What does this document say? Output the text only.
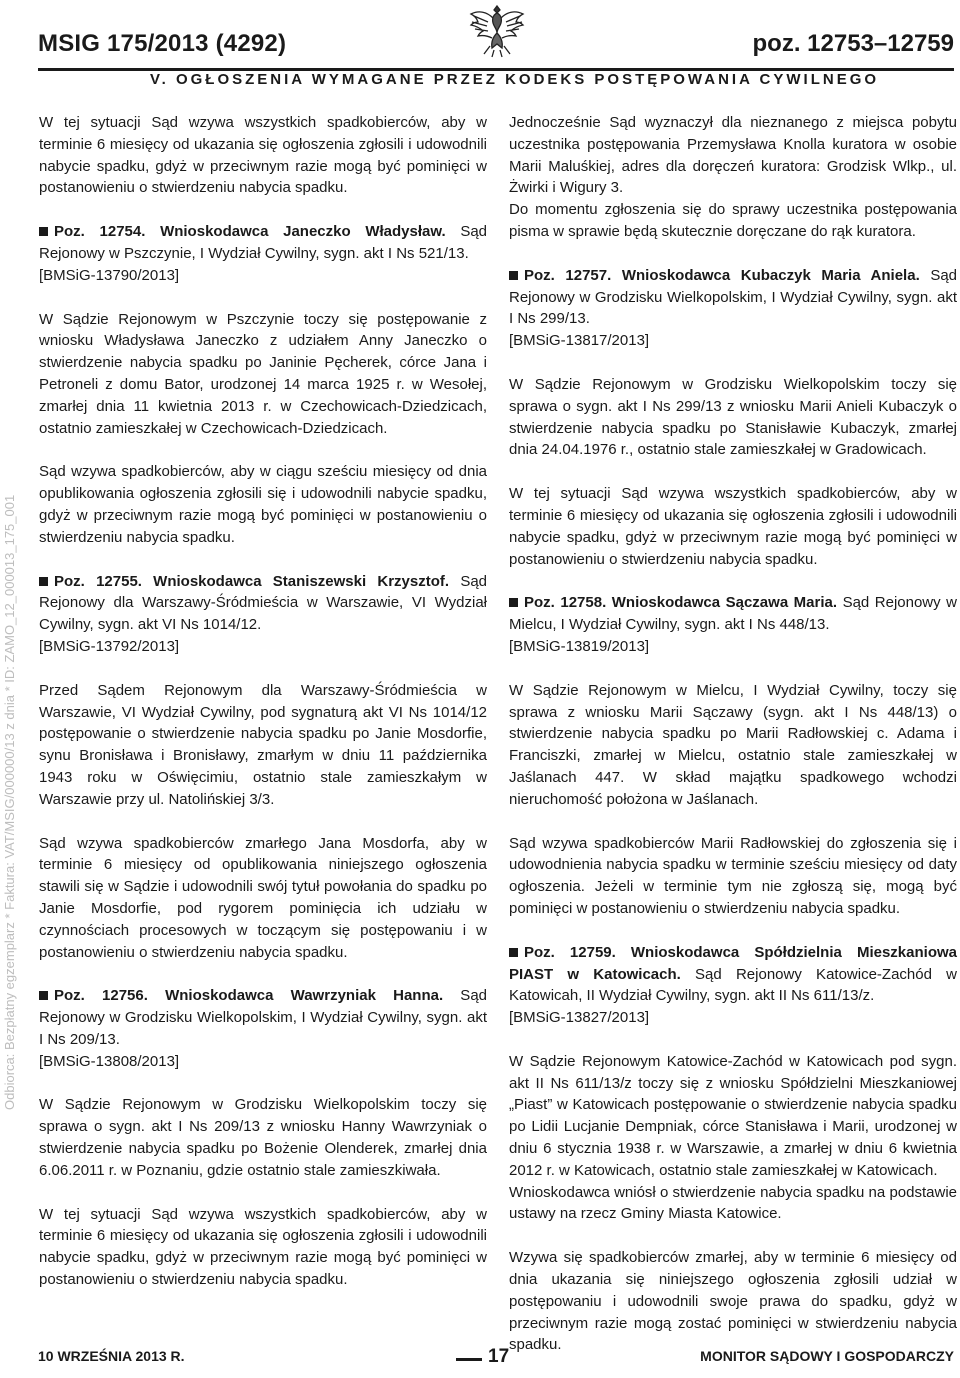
MSIG 175/2013 (4292)	poz. 12753–12759
V. OGŁOSZENIA WYMAGANE PRZEZ KODEKS POSTĘPOWANIA CYWILNEGO
Odbiorca: Bezpłatny egzemplarz * Faktura: VAT/MSIG/000000/13 z dnia * ID: ZAMO_12_000013_175_001

W tej sytuacji Sąd wzywa wszystkich spadkobierców, aby w terminie 6 miesięcy od ukazania się ogłoszenia zgłosili i udowodnili nabycie spadku, gdyż w przeciwnym razie mogą być pominięci w postanowieniu o stwierdzeniu nabycia spadku.

Poz. 12754. Wnioskodawca Janeczko Władysław. Sąd Rejonowy w Pszczynie, I Wydział Cywilny, sygn. akt I Ns 521/13.
[BMSiG-13790/2013]

W Sądzie Rejonowym w Pszczynie toczy się postępowanie z wniosku Władysława Janeczko z udziałem Anny Janeczko o stwierdzenie nabycia spadku po Janinie Pęcherek, córce Jana i Petroneli z domu Bator, urodzonej 14 marca 1925 r. w Wesołej, zmarłej dnia 11 kwietnia 2013 r. w Czechowicach-Dziedzicach, ostatnio zamieszkałej w Czechowicach-Dziedzicach.

Sąd wzywa spadkobierców, aby w ciągu sześciu miesięcy od dnia opublikowania ogłoszenia zgłosili się i udowodnili nabycie spadku, gdyż w przeciwnym razie mogą być pominięci w postanowieniu o stwierdzeniu nabycia spadku.

Poz. 12755. Wnioskodawca Staniszewski Krzysztof. Sąd Rejonowy dla Warszawy-Śródmieścia w Warszawie, VI Wydział Cywilny, sygn. akt VI Ns 1014/12.
[BMSiG-13792/2013]

Przed Sądem Rejonowym dla Warszawy-Śródmieścia w Warszawie, VI Wydział Cywilny, pod sygnaturą akt VI Ns 1014/12 postępowanie o stwierdzenie nabycia spadku po Janie Mosdorfie, synu Bronisława i Bronisławy, zmarłym w dniu 11 października 1943 roku w Oświęcimiu, ostatnio stale zamieszkałym w Warszawie przy ul. Natolińskiej 3/3.

Sąd wzywa spadkobierców zmarłego Jana Mosdorfa, aby w terminie 6 miesięcy od opublikowania niniejszego ogłoszenia stawili się w Sądzie i udowodnili swój tytuł powołania do spadku po Janie Mosdorfie, pod rygorem pominięcia ich udziału w czynnościach procesowych w toczącym się postępowaniu i w postanowieniu o stwierdzeniu nabycia spadku.

Poz. 12756. Wnioskodawca Wawrzyniak Hanna. Sąd Rejonowy w Grodzisku Wielkopolskim, I Wydział Cywilny, sygn. akt I Ns 209/13.
[BMSiG-13808/2013]

W Sądzie Rejonowym w Grodzisku Wielkopolskim toczy się sprawa o sygn. akt I Ns 209/13 z wniosku Hanny Wawrzyniak o stwierdzenie nabycia spadku po Bożenie Olenderek, zmarłej dnia 6.06.2011 r. w Poznaniu, gdzie ostatnio stale zamieszkiwała.

W tej sytuacji Sąd wzywa wszystkich spadkobierców, aby w terminie 6 miesięcy od ukazania się ogłoszenia zgłosili i udowodnili nabycie spadku, gdyż w przeciwnym razie mogą być pominięci w postanowieniu o stwierdzeniu nabycia spadku.

Jednocześnie Sąd wyznaczył dla nieznanego z miejsca pobytu uczestnika postępowania Przemysława Knolla kuratora w osobie Marii Maluśkiej, adres dla doręczeń kuratora: Grodzisk Wlkp., ul. Żwirki i Wigury 3.

Do momentu zgłoszenia się do sprawy uczestnika postępowania pisma w sprawie będą skutecznie doręczane do rąk kuratora.

Poz. 12757. Wnioskodawca Kubaczyk Maria Aniela. Sąd Rejonowy w Grodzisku Wielkopolskim, I Wydział Cywilny, sygn. akt I Ns 299/13.
[BMSiG-13817/2013]

W Sądzie Rejonowym w Grodzisku Wielkopolskim toczy się sprawa o sygn. akt I Ns 299/13 z wniosku Marii Anieli Kubaczyk o stwierdzenie nabycia spadku po Stanisławie Kubaczyk, zmarłej dnia 24.04.1976 r., ostatnio stale zamieszkałej w Gradowicach.

W tej sytuacji Sąd wzywa wszystkich spadkobierców, aby w terminie 6 miesięcy od ukazania się ogłoszenia zgłosili i udowodnili nabycie spadku, gdyż w przeciwnym razie mogą być pominięci w postanowieniu o stwierdzeniu nabycia spadku.

Poz. 12758. Wnioskodawca Sączawa Maria. Sąd Rejonowy w Mielcu, I Wydział Cywilny, sygn. akt I Ns 448/13.
[BMSiG-13819/2013]

W Sądzie Rejonowym w Mielcu, I Wydział Cywilny, toczy się sprawa z wniosku Marii Sączawy (sygn. akt I Ns 448/13) o stwierdzenie nabycia spadku po Marii Radłowskiej c. Adama i Franciszki, zmarłej w Mielcu, ostatnio stale zamieszkałej w Jaślanach 447. W skład majątku spadkowego wchodzi nieruchomość położona w Jaślanach.

Sąd wzywa spadkobierców Marii Radłowskiej do zgłoszenia się i udowodnienia nabycia spadku w terminie sześciu miesięcy od daty ogłoszenia. Jeżeli w terminie tym nie zgłoszą się, mogą być pominięci w postanowieniu o stwierdzeniu nabycia spadku.

Poz. 12759. Wnioskodawca Spółdzielnia Mieszkaniowa PIAST w Katowicach. Sąd Rejonowy Katowice-Zachód w Katowicah, II Wydział Cywilny, sygn. akt II Ns 611/13/z.
[BMSiG-13827/2013]

W Sądzie Rejonowym Katowice-Zachód w Katowicach pod sygn. akt II Ns 611/13/z toczy się z wniosku Spółdzielni Mieszkaniowej „Piast” w Katowicach postępowanie o stwierdzenie nabycia spadku po Lidii Lucjanie Dempniak, córce Stanisława i Marii, urodzonej w dniu 6 stycznia 1938 r. w Warszawie, a zmarłej w dniu 6 kwietnia 2012 r. w Katowicach, ostatnio stale zamieszkałej w Katowicach.

Wnioskodawca wniósł o stwierdzenie nabycia spadku na podstawie ustawy na rzecz Gminy Miasta Katowice.

Wzywa się spadkobierców zmarłej, aby w terminie 6 miesięcy od dnia ukazania się niniejszego ogłoszenia zgłosili udział w postępowaniu i udowodnili swoje prawa do spadku, gdyż w przeciwnym razie mogą zostać pominięci w stwierdzeniu nabycia spadku.

10 WRZEŚNIA 2013 R.	17	MONITOR SĄDOWY I GOSPODARCZY
